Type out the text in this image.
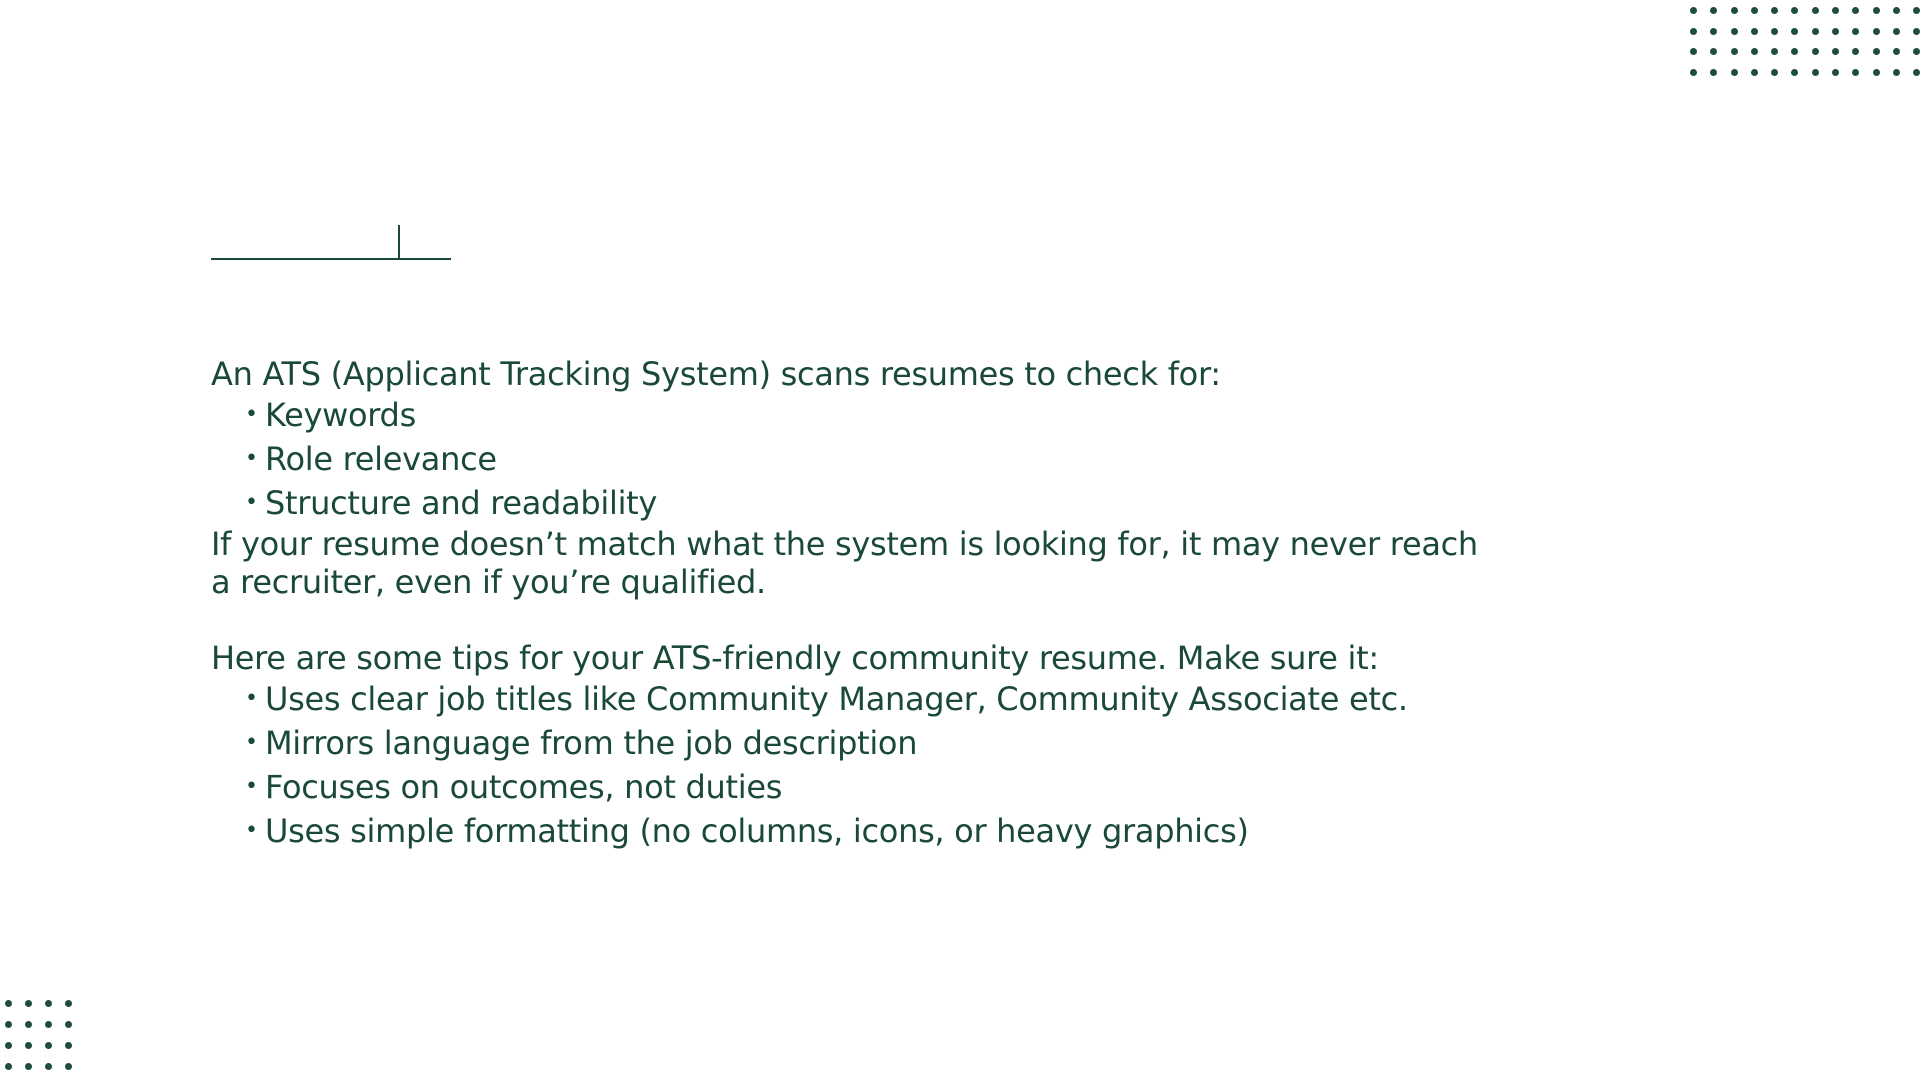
An ATS (Applicant Tracking System) scans resumes to check for:

• Keywords
• Role relevance
• Structure and readability

If your resume doesn’t match what the system is looking for, it may never reach

a recruiter, even if you’re qualified.

Here are some tips for your ATS-friendly community resume. Make sure it:

• Uses clear job titles like Community Manager, Community Associate etc.
• Mirrors language from the job description
• Focuses on outcomes, not duties
• Uses simple formatting (no columns, icons, or heavy graphics)
